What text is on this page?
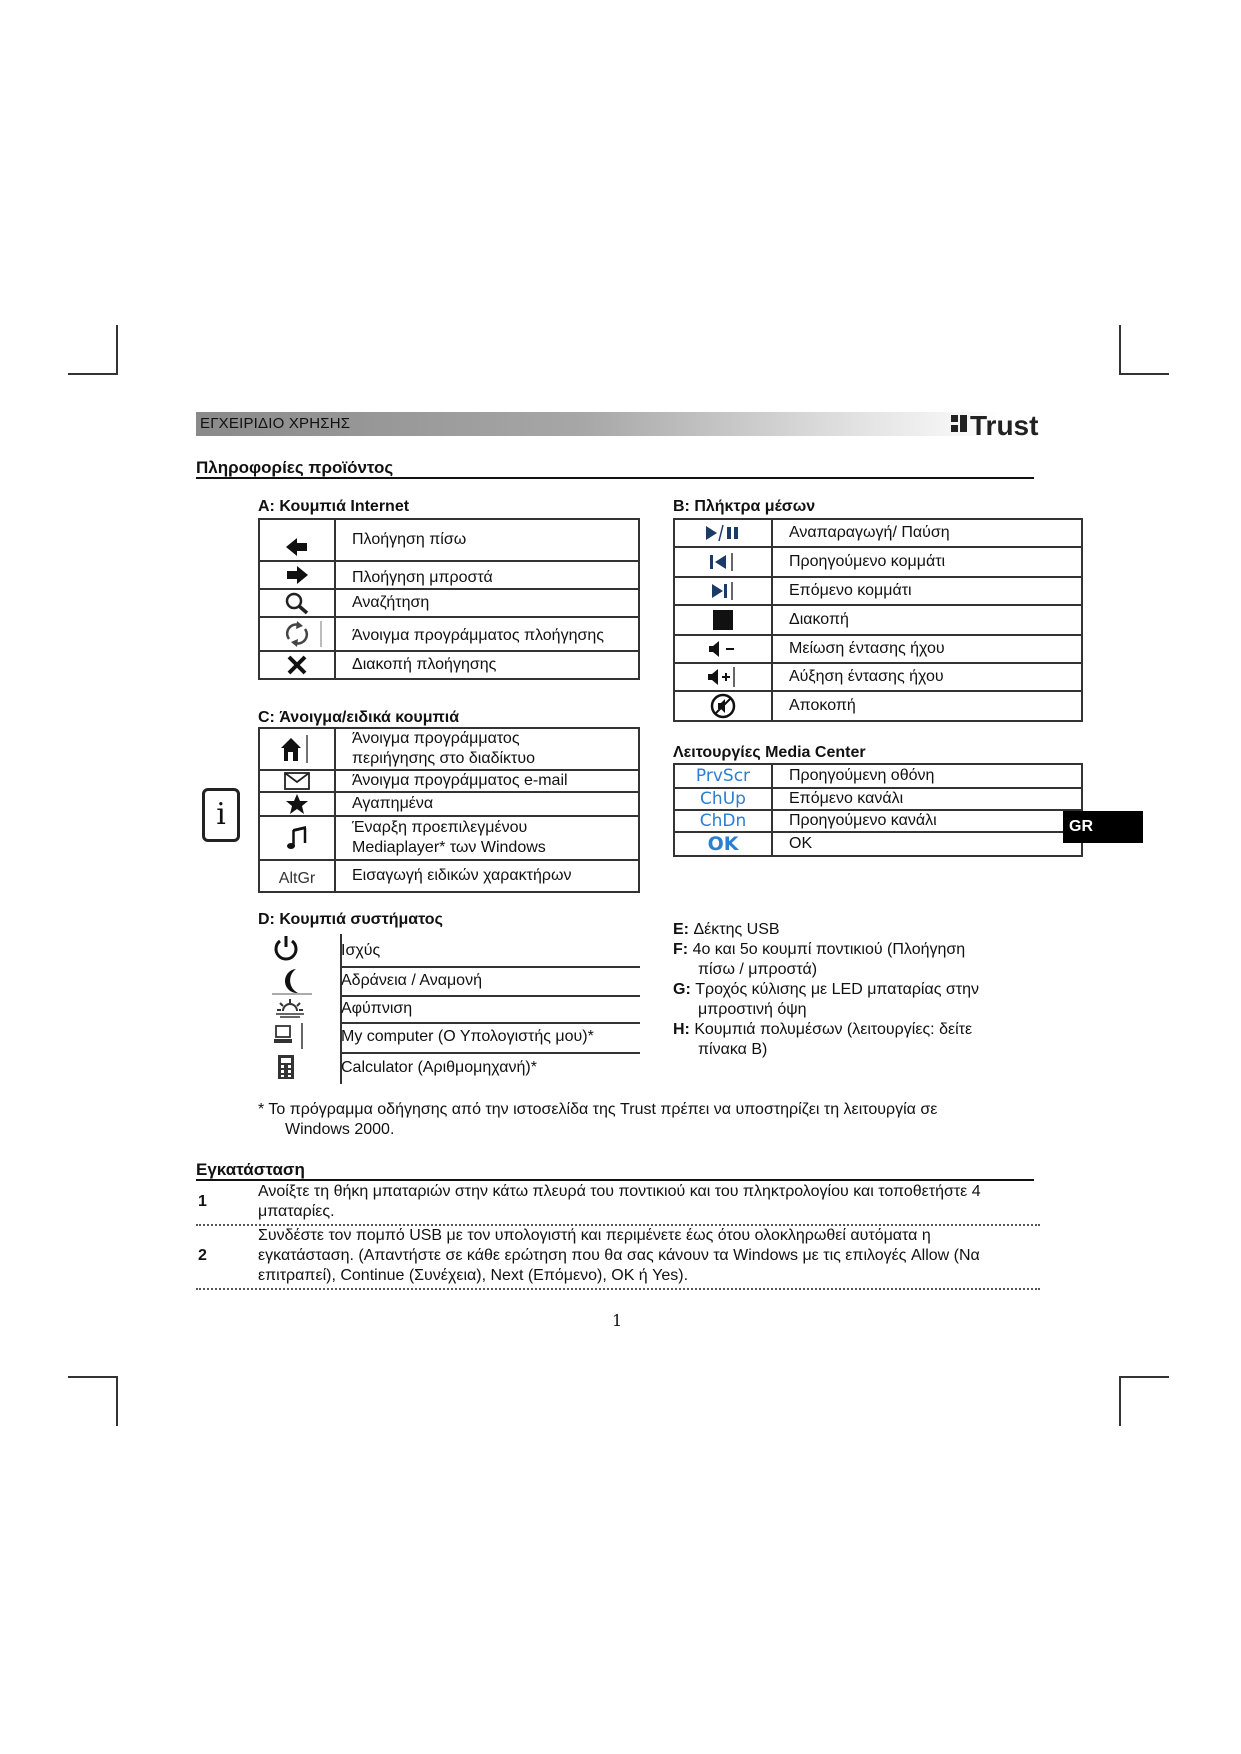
ΕΓΧΕΙΡΙΔΙΟ ΧΡΗΣΗΣ	Trust
Πληροφορίες προϊόντος
A: Κουμπιά Internet
	Πλοήγηση πίσω

	Πλοήγηση μπροστά

	Αναζήτηση

	Άνοιγμα προγράμματος πλοήγησης

	Διακοπή πλοήγησης
B: Πλήκτρα μέσων
	Αναπαραγωγή/ Παύση

	Προηγούμενο κομμάτι

	Επόμενο κομμάτι

	Διακοπή

	Μείωση έντασης ήχου

	Αύξηση έντασης ήχου

	Αποκοπή
C: Άνοιγμα/ειδικά κουμπιά

Άνοιγμα προγράμματος
περιήγησης στο διαδίκτυο

	Άνοιγμα προγράμματος e-mail

	Αγαπημένα

Έναρξη προεπιλεγμένου
Mediaplayer* των Windows

AltGr	Εισαγωγή ειδικών χαρακτήρων
Λειτουργίες Media Center
PrvScr	Προηγούμενη οθόνη
ChUp	Επόμενο κανάλι
ChDn	Προηγούμενο κανάλι
OK	OK
i	GR
D: Κουμπιά συστήματος
Ισχύς
Αδράνεια / Αναμονή
Αφύπνιση
My computer (Ο Υπολογιστής μου)*
Calculator (Αριθμομηχανή)*
E: Δέκτης USB
F: 4ο και 5ο κουμπί ποντικιού (Πλοήγηση
πίσω / μπροστά)
G: Τροχός κύλισης με LED μπαταρίας στην
μπροστινή όψη
H: Κουμπιά πολυμέσων (λειτουργίες: δείτε
πίνακα B)
* Το πρόγραμμα οδήγησης από την ιστοσελίδα της Trust πρέπει να υποστηρίζει τη λειτουργία σε
Windows 2000.
Εγκατάσταση
1
Ανοίξτε τη θήκη μπαταριών στην κάτω πλευρά του ποντικιού και του πληκτρολογίου και τοποθετήστε 4
μπαταρίες.
2
Συνδέστε τον πομπό USB με τον υπολογιστή και περιμένετε έως ότου ολοκληρωθεί αυτόματα η
εγκατάσταση. (Απαντήστε σε κάθε ερώτηση που θα σας κάνουν τα Windows με τις επιλογές Allow (Να
επιτραπεί), Continue (Συνέχεια), Next (Επόμενο), OK ή Yes).
1
